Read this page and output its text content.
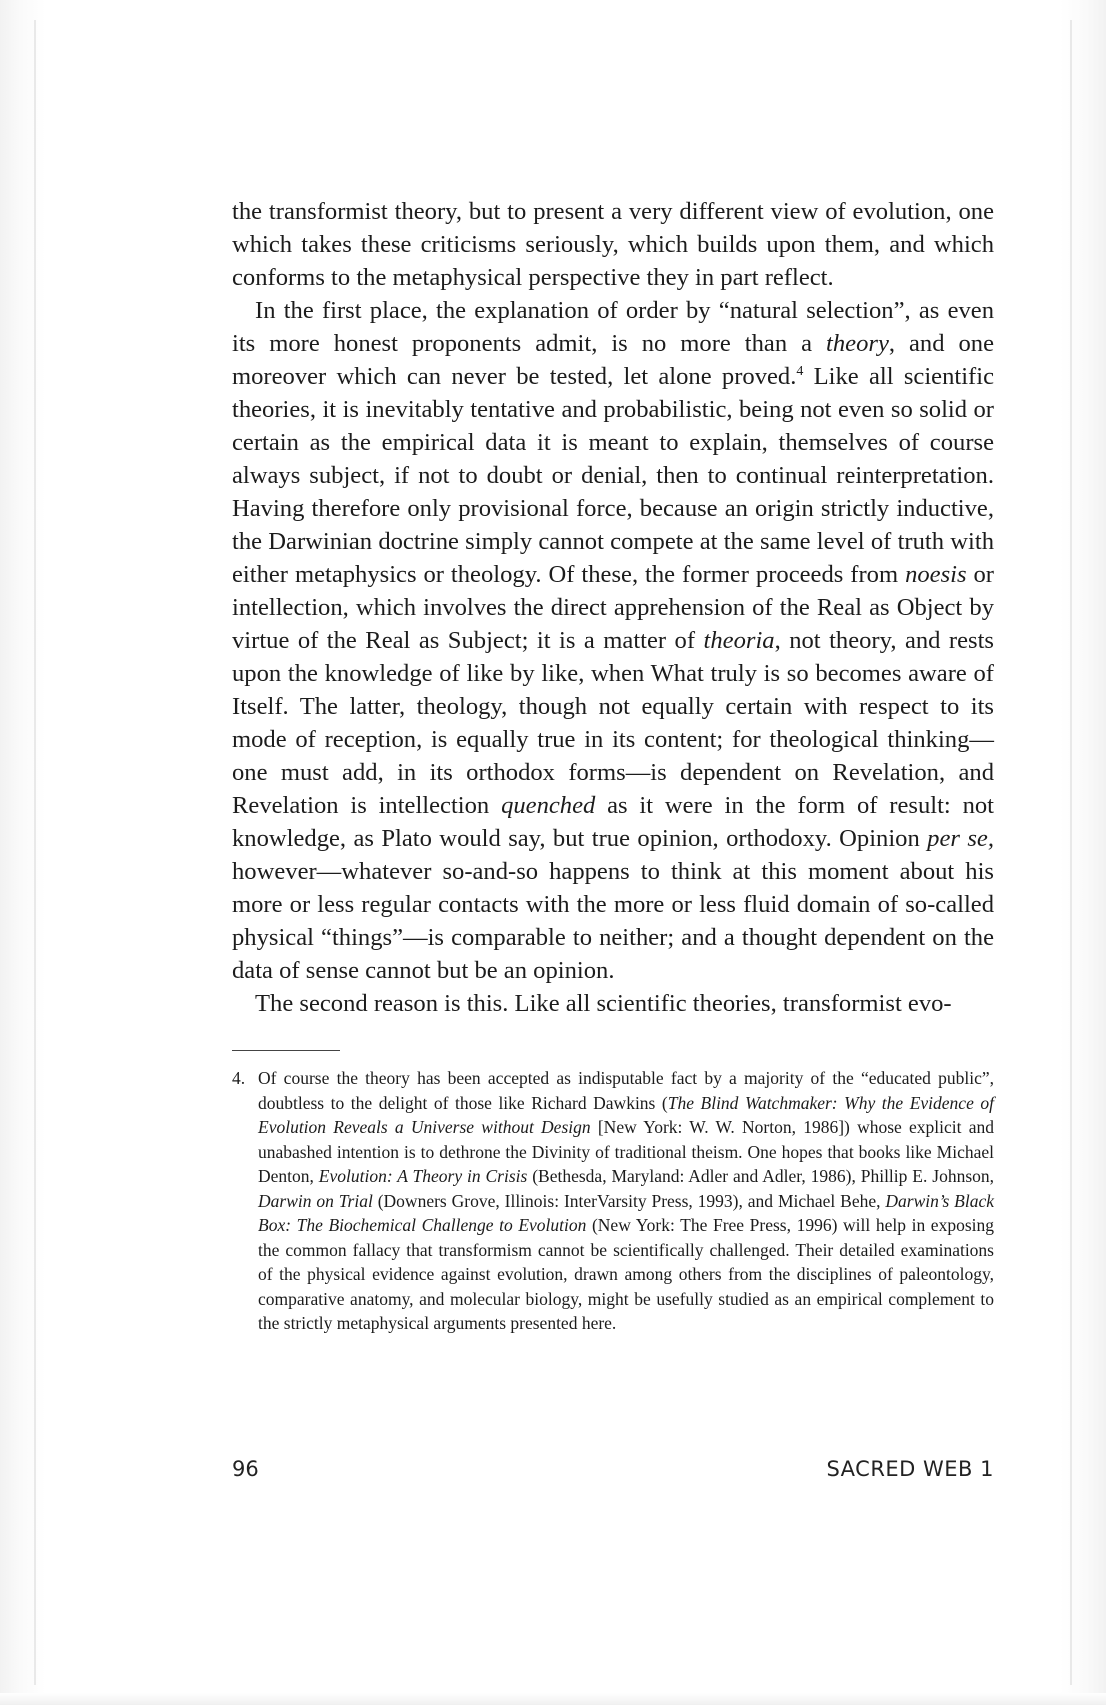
the transformist theory, but to present a very different view of evolution, one which takes these criticisms seriously, which builds upon them, and which conforms to the metaphysical perspective they in part reflect.

In the first place, the explanation of order by “natural selection”, as even its more honest proponents admit, is no more than a theory, and one moreover which can never be tested, let alone proved.$^4$ Like all scientific theories, it is inevitably tentative and probabilistic, being not even so solid or certain as the empirical data it is meant to explain, themselves of course always subject, if not to doubt or denial, then to continual reinterpretation. Having therefore only provisional force, because an origin strictly inductive, the Darwinian doctrine simply cannot compete at the same level of truth with either metaphysics or theology. Of these, the former proceeds from noesis or intellection, which involves the direct apprehension of the Real as Object by virtue of the Real as Subject; it is a matter of theoria, not theory, and rests upon the knowledge of like by like, when What truly is so becomes aware of Itself. The latter, theology, though not equally certain with respect to its mode of reception, is equally true in its content; for theological thinking—one must add, in its orthodox forms—is dependent on Revelation, and Revelation is intellection quenched as it were in the form of result: not knowledge, as Plato would say, but true opinion, orthodoxy. Opinion per se, however—whatever so-and-so happens to think at this moment about his more or less regular contacts with the more or less fluid domain of so-called physical “things”—is comparable to neither; and a thought dependent on the data of sense cannot but be an opinion.

The second reason is this. Like all scientific theories, transformist evo-

4. Of course the theory has been accepted as indisputable fact by a majority of the “educated public”, doubtless to the delight of those like Richard Dawkins (The Blind Watchmaker: Why the Evidence of Evolution Reveals a Universe without Design [New York: W. W. Norton, 1986]) whose explicit and unabashed intention is to dethrone the Divinity of traditional theism. One hopes that books like Michael Denton, Evolution: A Theory in Crisis (Bethesda, Maryland: Adler and Adler, 1986), Phillip E. Johnson, Darwin on Trial (Downers Grove, Illinois: InterVarsity Press, 1993), and Michael Behe, Darwin’s Black Box: The Biochemical Challenge to Evolution (New York: The Free Press, 1996) will help in exposing the common fallacy that transformism cannot be scientifically challenged. Their detailed examinations of the physical evidence against evolution, drawn among others from the disciplines of paleontology, comparative anatomy, and molecular biology, might be usefully studied as an empirical complement to the strictly metaphysical arguments presented here.

96	SACRED WEB 1
